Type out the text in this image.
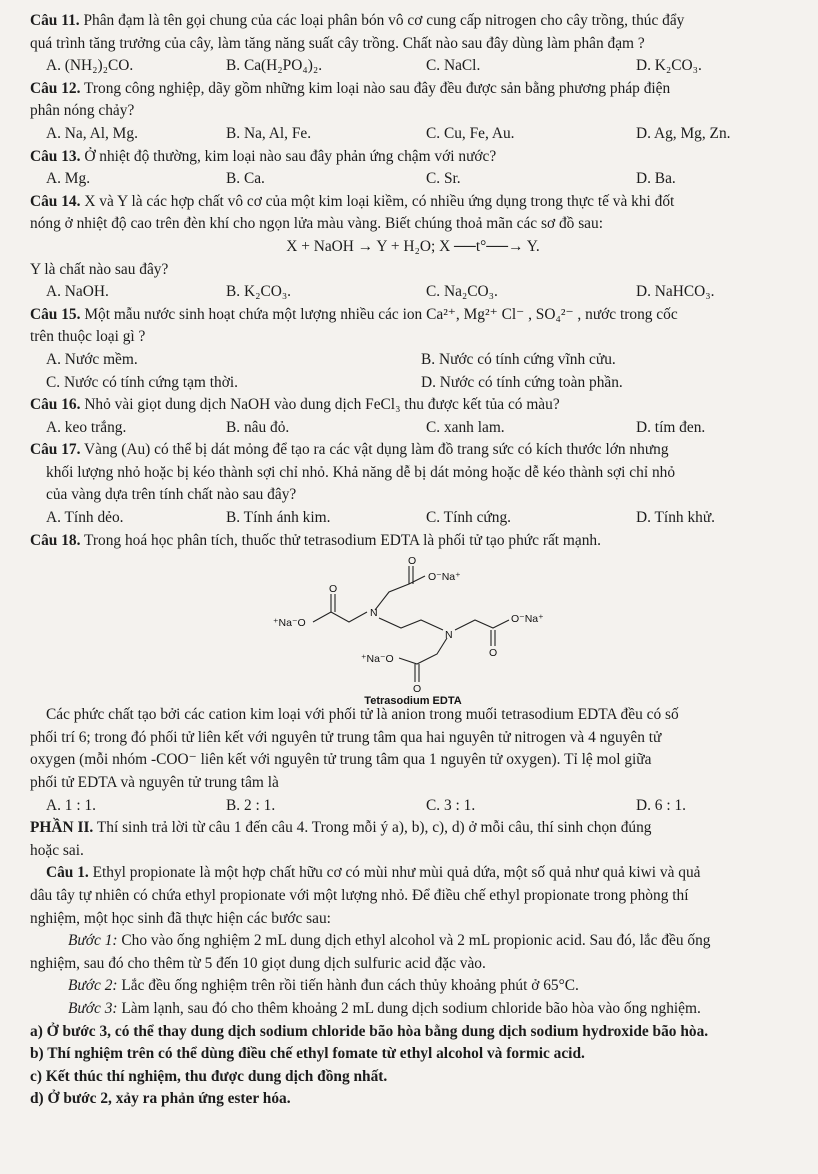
Câu 11. Phân đạm là tên gọi chung của các loại phân bón vô cơ cung cấp nitrogen cho cây trồng, thúc đẩy

quá trình tăng trưởng của cây, làm tăng năng suất cây trồng. Chất nào sau đây dùng làm phân đạm ?

A. (NH₂)₂CO.	B. Ca(H₂PO₄)₂.	C. NaCl.	D. K₂CO₃.

Câu 12. Trong công nghiệp, dãy gồm những kim loại nào sau đây đều được sản bằng phương pháp điện

phân nóng chảy?

A. Na, Al, Mg.	B. Na, Al, Fe.	C. Cu, Fe, Au.	D. Ag, Mg, Zn.

Câu 13. Ở nhiệt độ thường, kim loại nào sau đây phản ứng chậm với nước?

A. Mg.	B. Ca.	C. Sr.	D. Ba.

Câu 14. X và Y là các hợp chất vô cơ của một kim loại kiềm, có nhiều ứng dụng trong thực tế và khi đốt

nóng ở nhiệt độ cao trên đèn khí cho ngọn lửa màu vàng. Biết chúng thoả mãn các sơ đồ sau:

X + NaOH → Y + H₂O; X ──t°──→ Y.

Y là chất nào sau đây?

A. NaOH.	B. K₂CO₃.	C. Na₂CO₃.	D. NaHCO₃.

Câu 15. Một mẫu nước sinh hoạt chứa một lượng nhiều các ion Ca²⁺, Mg²⁺ Cl⁻ , SO₄²⁻ , nước trong cốc

trên thuộc loại gì ?

A. Nước mềm.	B. Nước có tính cứng vĩnh cửu.
C. Nước có tính cứng tạm thời.	D. Nước có tính cứng toàn phần.

Câu 16. Nhỏ vài giọt dung dịch NaOH vào dung dịch FeCl₃ thu được kết tủa có màu?

A. keo trắng.	B. nâu đỏ.	C. xanh lam.	D. tím đen.

Câu 17. Vàng (Au) có thể bị dát mỏng để tạo ra các vật dụng làm đồ trang sức có kích thước lớn nhưng

khối lượng nhỏ hoặc bị kéo thành sợi chỉ nhỏ. Khả năng dễ bị dát mỏng hoặc dễ kéo thành sợi chỉ nhỏ

của vàng dựa trên tính chất nào sau đây?

A. Tính dẻo.	B. Tính ánh kim.	C. Tính cứng.	D. Tính khử.

Câu 18. Trong hoá học phân tích, thuốc thử tetrasodium EDTA là phối tử tạo phức rất mạnh.

O
O⁻Na⁺
O
⁺Na⁻O
N
N
O⁻Na⁺
O
⁺Na⁻O
O
Tetrasodium EDTA

Các phức chất tạo bởi các cation kim loại với phối tử là anion trong muối tetrasodium EDTA đều có số

phối trí 6; trong đó phối tử liên kết với nguyên tử trung tâm qua hai nguyên tử nitrogen và 4 nguyên tử

oxygen (mỗi nhóm -COO⁻ liên kết với nguyên tử trung tâm qua 1 nguyên tử oxygen). Tỉ lệ mol giữa

phối tử EDTA và nguyên tử trung tâm là

A. 1 : 1.	B. 2 : 1.	C. 3 : 1.	D. 6 : 1.

PHẦN II. Thí sinh trả lời từ câu 1 đến câu 4. Trong mỗi ý a), b), c), d) ở mỗi câu, thí sinh chọn đúng

hoặc sai.

Câu 1. Ethyl propionate là một hợp chất hữu cơ có mùi như mùi quả dứa, một số quả như quả kiwi và quả

dâu tây tự nhiên có chứa ethyl propionate với một lượng nhỏ. Để điều chế ethyl propionate trong phòng thí

nghiệm, một học sinh đã thực hiện các bước sau:

Bước 1: Cho vào ống nghiệm 2 mL dung dịch ethyl alcohol và 2 mL propionic acid. Sau đó, lắc đều ống

nghiệm, sau đó cho thêm từ 5 đến 10 giọt dung dịch sulfuric acid đặc vào.

Bước 2: Lắc đều ống nghiệm trên rồi tiến hành đun cách thủy khoảng phút ở 65°C.

Bước 3: Làm lạnh, sau đó cho thêm khoảng 2 mL dung dịch sodium chloride bão hòa vào ống nghiệm.

a) Ở bước 3, có thể thay dung dịch sodium chloride bão hòa bằng dung dịch sodium hydroxide bão hòa.

b) Thí nghiệm trên có thể dùng điều chế ethyl fomate từ ethyl alcohol và formic acid.

c) Kết thúc thí nghiệm, thu được dung dịch đồng nhất.

d) Ở bước 2, xảy ra phản ứng ester hóa.
